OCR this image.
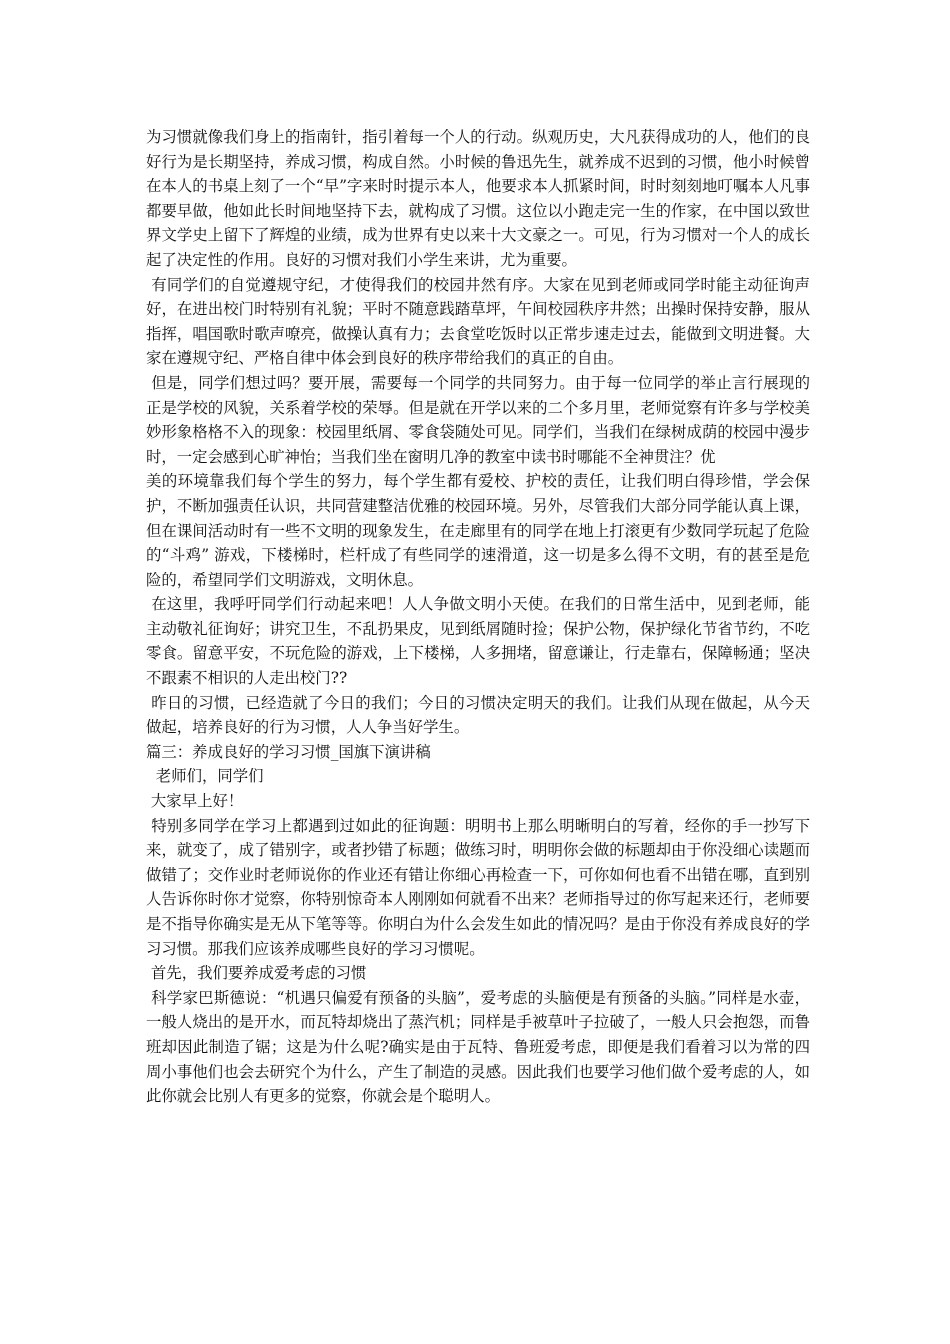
为习惯就像我们身上的指南针，指引着每一个人的行动。纵观历史，大凡获得成功的人，他们的良好行为是长期坚持，养成习惯，构成自然。小时候的鲁迅先生，就养成不迟到的习惯，他小时候曾在本人的书桌上刻了一个“早”字来时时提示本人，他要求本人抓紧时间，时时刻刻地叮嘱本人凡事都要早做，他如此长时间地坚持下去，就构成了习惯。这位以小跑走完一生的作家，在中国以致世界文学史上留下了辉煌的业绩，成为世界有史以来十大文豪之一。可见，行为习惯对一个人的成长起了决定性的作用。良好的习惯对我们小学生来讲，尤为重要。

有同学们的自觉遵规守纪，才使得我们的校园井然有序。大家在见到老师或同学时能主动征询声好，在进出校门时特别有礼貌；平时不随意践踏草坪，午间校园秩序井然；出操时保持安静，服从指挥，唱国歌时歌声嘹亮，做操认真有力；去食堂吃饭时以正常步速走过去，能做到文明进餐。大家在遵规守纪、严格自律中体会到良好的秩序带给我们的真正的自由。

但是，同学们想过吗？要开展，需要每一个同学的共同努力。由于每一位同学的举止言行展现的正是学校的风貌，关系着学校的荣辱。但是就在开学以来的二个多月里，老师觉察有许多与学校美妙形象格格不入的现象：校园里纸屑、零食袋随处可见。同学们，当我们在绿树成荫的校园中漫步时，一定会感到心旷神怡；当我们坐在窗明几净的教室中读书时哪能不全神贯注？优

美的环境靠我们每个学生的努力，每个学生都有爱校、护校的责任，让我们明白得珍惜，学会保护，不断加强责任认识，共同营建整洁优雅的校园环境。另外，尽管我们大部分同学能认真上课，但在课间活动时有一些不文明的现象发生，在走廊里有的同学在地上打滚更有少数同学玩起了危险的“斗鸡” 游戏，下楼梯时，栏杆成了有些同学的速滑道，这一切是多么得不文明，有的甚至是危险的，希望同学们文明游戏，文明休息。

在这里，我呼吁同学们行动起来吧！人人争做文明小天使。在我们的日常生活中，见到老师，能主动敬礼征询好；讲究卫生，不乱扔果皮，见到纸屑随时捡；保护公物，保护绿化节省节约，不吃零食。留意平安，不玩危险的游戏，上下楼梯，人多拥堵，留意谦让，行走靠右，保障畅通；坚决不跟素不相识的人走出校门??

昨日的习惯，已经造就了今日的我们；今日的习惯决定明天的我们。让我们从现在做起，从今天做起，培养良好的行为习惯，人人争当好学生。

篇三：养成良好的学习习惯_国旗下演讲稿

老师们，同学们

大家早上好！

特别多同学在学习上都遇到过如此的征询题：明明书上那么明晰明白的写着，经你的手一抄写下来，就变了，成了错别字，或者抄错了标题；做练习时，明明你会做的标题却由于你没细心读题而做错了；交作业时老师说你的作业还有错让你细心再检查一下，可你如何也看不出错在哪，直到别人告诉你时你才觉察，你特别惊奇本人刚刚如何就看不出来？老师指导过的你写起来还行，老师要是不指导你确实是无从下笔等等。你明白为什么会发生如此的情况吗？是由于你没有养成良好的学习习惯。那我们应该养成哪些良好的学习习惯呢。

首先，我们要养成爱考虑的习惯

科学家巴斯德说：“机遇只偏爱有预备的头脑”，爱考虑的头脑便是有预备的头脑。”同样是水壶，一般人烧出的是开水，而瓦特却烧出了蒸汽机；同样是手被草叶子拉破了，一般人只会抱怨，而鲁班却因此制造了锯；这是为什么呢?确实是由于瓦特、鲁班爱考虑，即便是我们看着习以为常的四周小事他们也会去研究个为什么，产生了制造的灵感。因此我们也要学习他们做个爱考虑的人，如此你就会比别人有更多的觉察，你就会是个聪明人。
